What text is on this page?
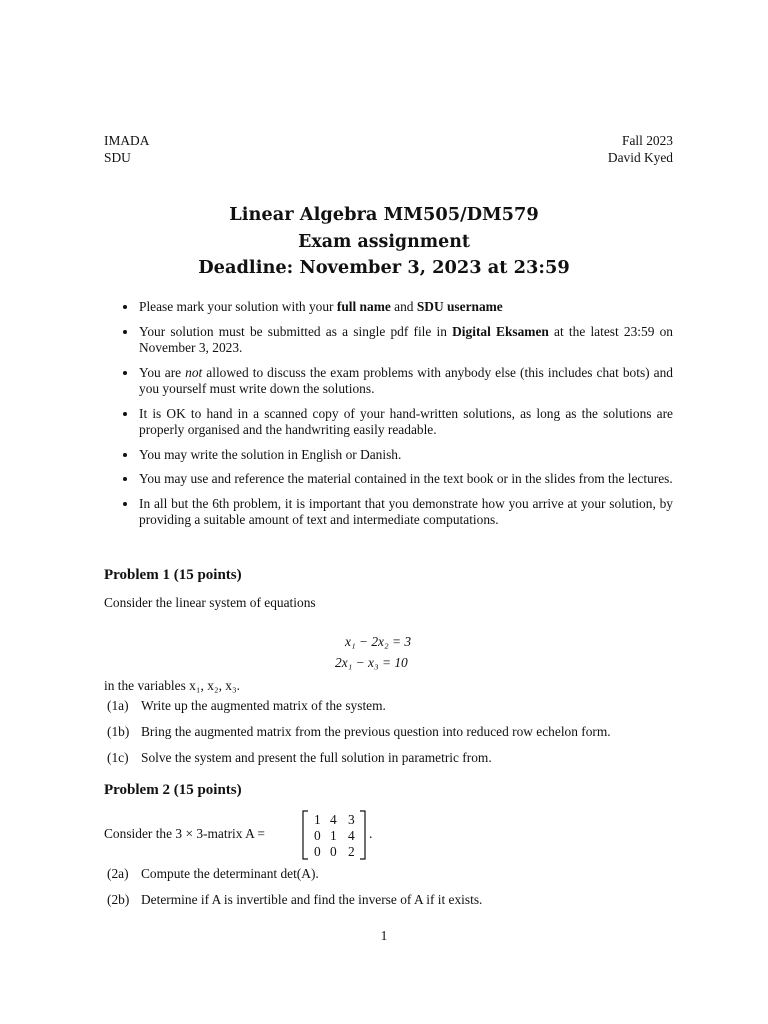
IMADA
SDU
Fall 2023
David Kyed
Linear Algebra MM505/DM579
Exam assignment
Deadline: November 3, 2023 at 23:59
Please mark your solution with your full name and SDU username
Your solution must be submitted as a single pdf file in Digital Eksamen at the latest 23:59 on November 3, 2023.
You are not allowed to discuss the exam problems with anybody else (this includes chat bots) and you yourself must write down the solutions.
It is OK to hand in a scanned copy of your hand-written solutions, as long as the solutions are properly organised and the handwriting easily readable.
You may write the solution in English or Danish.
You may use and reference the material contained in the text book or in the slides from the lectures.
In all but the 6th problem, it is important that you demonstrate how you arrive at your solution, by providing a suitable amount of text and intermediate computations.
Problem 1 (15 points)
Consider the linear system of equations
x₁ − 2x₂ = 3
2x₁ − x₃ = 10
in the variables x₁, x₂, x₃.
(1a) Write up the augmented matrix of the system.
(1b) Bring the augmented matrix from the previous question into reduced row echelon form.
(1c) Solve the system and present the full solution in parametric from.
Problem 2 (15 points)
Consider the 3 × 3-matrix A =
1 4 3
0 1 4
0 0 2
.
(2a) Compute the determinant det(A).
(2b) Determine if A is invertible and find the inverse of A if it exists.
1
